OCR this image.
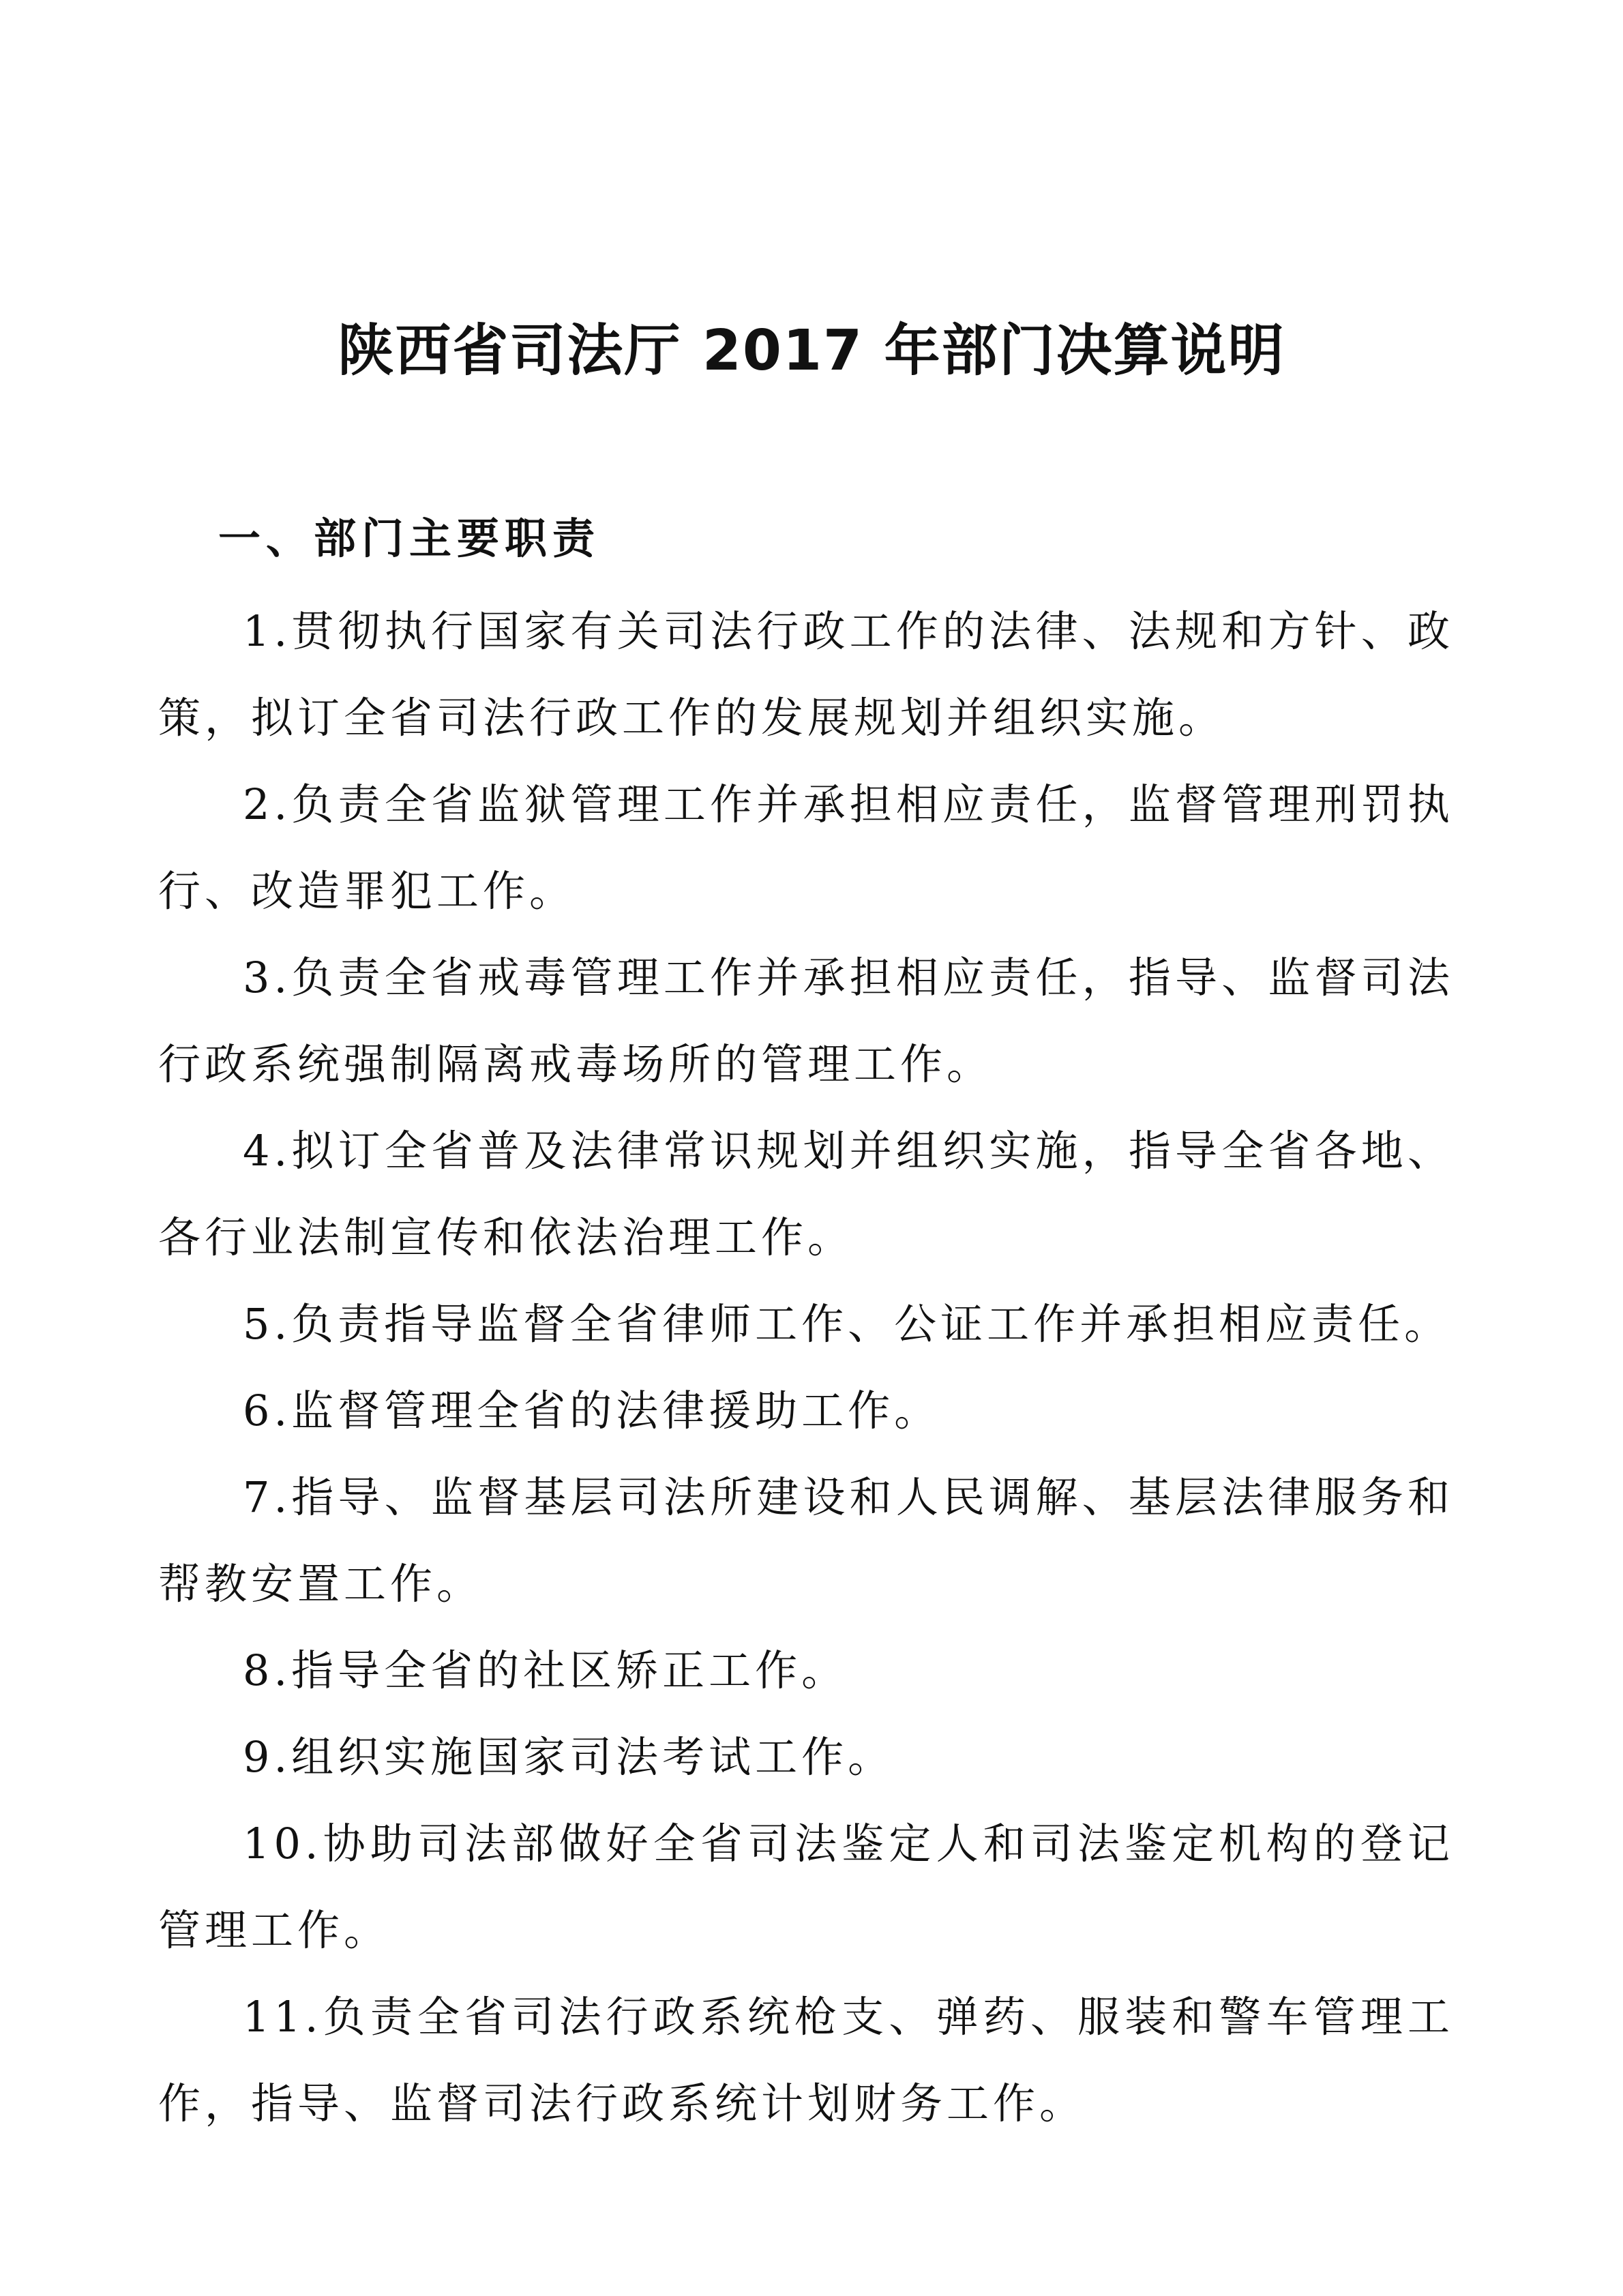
陕西省司法厅 2017 年部门决算说明
一、部门主要职责
1.贯彻执行国家有关司法行政工作的法律、法规和方针、政策，拟订全省司法行政工作的发展规划并组织实施。
2.负责全省监狱管理工作并承担相应责任，监督管理刑罚执行、改造罪犯工作。
3.负责全省戒毒管理工作并承担相应责任，指导、监督司法行政系统强制隔离戒毒场所的管理工作。
4.拟订全省普及法律常识规划并组织实施，指导全省各地、各行业法制宣传和依法治理工作。
5.负责指导监督全省律师工作、公证工作并承担相应责任。
6.监督管理全省的法律援助工作。
7.指导、监督基层司法所建设和人民调解、基层法律服务和帮教安置工作。
8.指导全省的社区矫正工作。
9.组织实施国家司法考试工作。
10.协助司法部做好全省司法鉴定人和司法鉴定机构的登记管理工作。
11.负责全省司法行政系统枪支、弹药、服装和警车管理工作，指导、监督司法行政系统计划财务工作。
